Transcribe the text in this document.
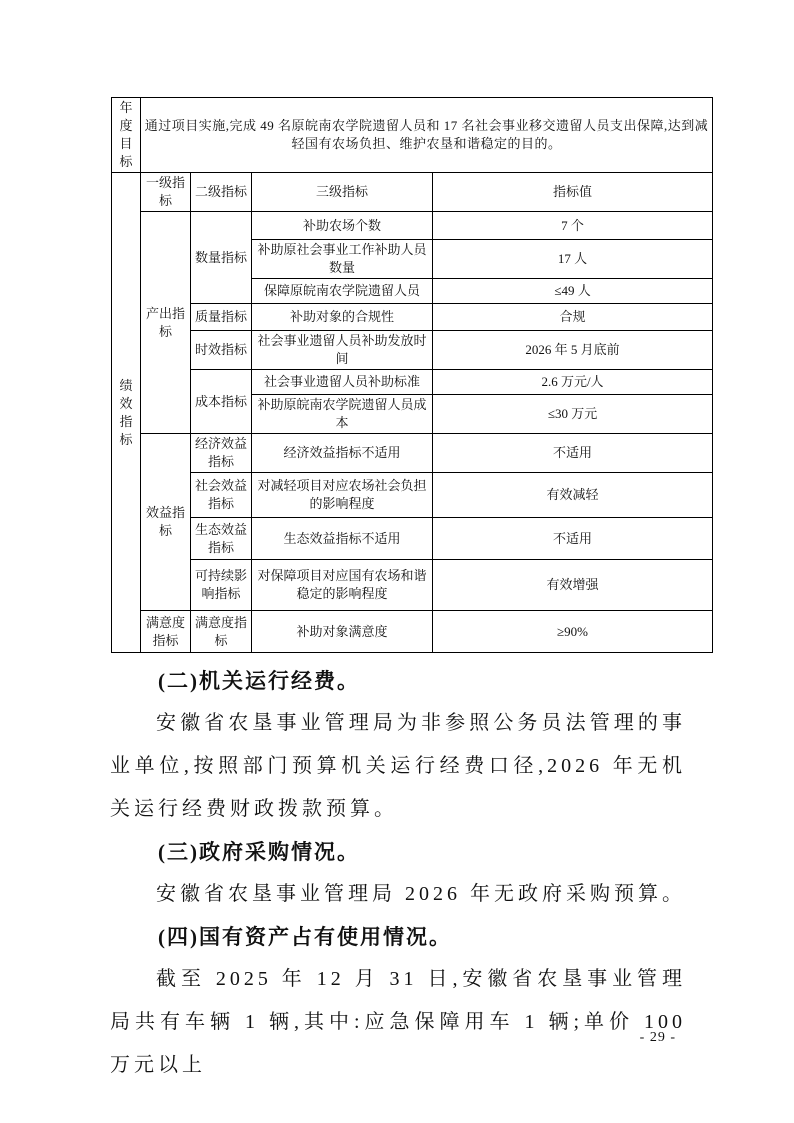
年度目标	通过项目实施,完成 49 名原皖南农学院遗留人员和 17 名社会事业移交遗留人员支出保障,达到减轻国有农场负担、维护农垦和谐稳定的目的。			
绩效指标	一级指标	二级指标	三级指标	指标值
	产出指标	数量指标	补助农场个数	7 个
			补助原社会事业工作补助人员数量	17 人
			保障原皖南农学院遗留人员	≤49 人
		质量指标	补助对象的合规性	合规
		时效指标	社会事业遗留人员补助发放时间	2026 年 5 月底前
		成本指标	社会事业遗留人员补助标准	2.6 万元/人
			补助原皖南农学院遗留人员成本	≤30 万元
	效益指标	经济效益指标	经济效益指标不适用	不适用
		社会效益指标	对减轻项目对应农场社会负担的影响程度	有效减轻
		生态效益指标	生态效益指标不适用	不适用
		可持续影响指标	对保障项目对应国有农场和谐稳定的影响程度	有效增强
	满意度指标	满意度指标	补助对象满意度	≥90%
(二)机关运行经费。
安徽省农垦事业管理局为非参照公务员法管理的事业单位,按照部门预算机关运行经费口径,2026 年无机关运行经费财政拨款预算。
(三)政府采购情况。
安徽省农垦事业管理局 2026 年无政府采购预算。
(四)国有资产占有使用情况。
截至 2025 年 12 月 31 日,安徽省农垦事业管理局共有车辆 1 辆,其中:应急保障用车 1 辆;单价 100 万元以上
- 29 -
